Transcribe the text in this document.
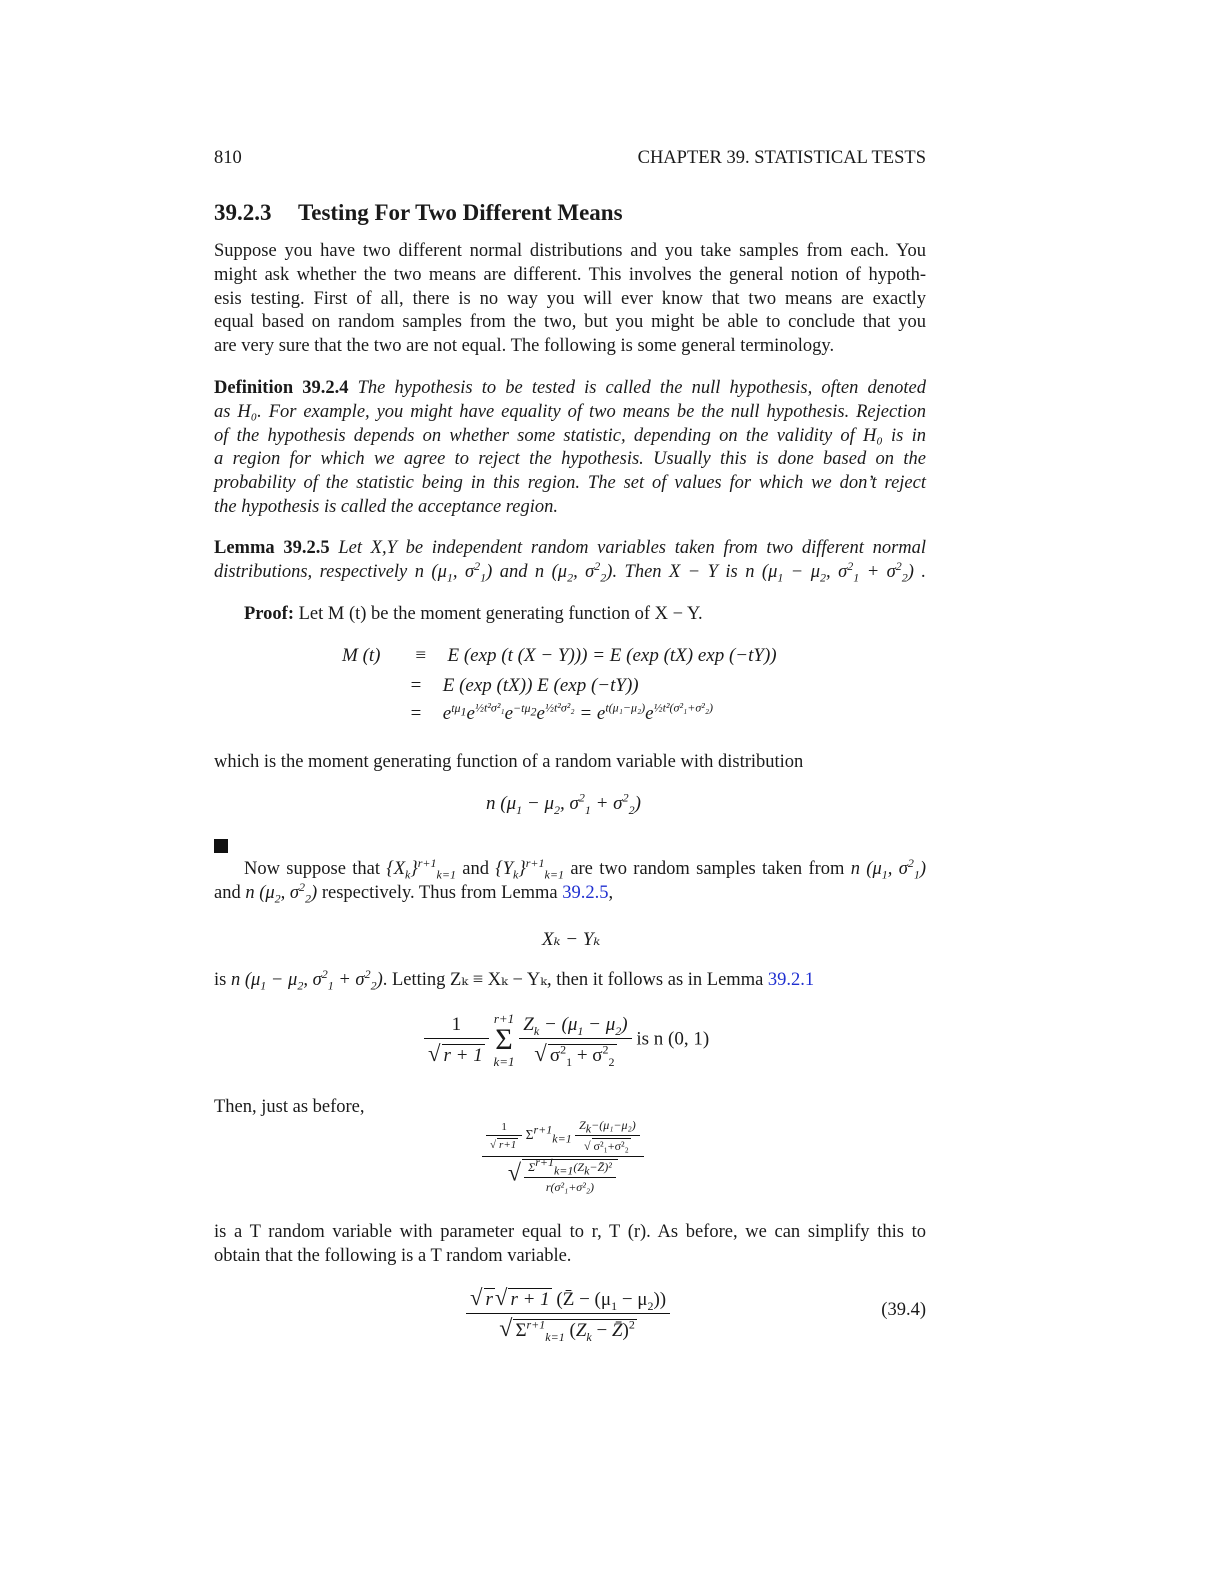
810	CHAPTER 39. STATISTICAL TESTS
39.2.3 Testing For Two Different Means
Suppose you have two different normal distributions and you take samples from each. You
might ask whether the two means are different. This involves the general notion of hypoth-
esis testing. First of all, there is no way you will ever know that two means are exactly
equal based on random samples from the two, but you might be able to conclude that you
are very sure that the two are not equal. The following is some general terminology.
Definition 39.2.4 The hypothesis to be tested is called the null hypothesis, often denoted
as H₀. For example, you might have equality of two means be the null hypothesis. Rejection
of the hypothesis depends on whether some statistic, depending on the validity of H₀ is in
a region for which we agree to reject the hypothesis. Usually this is done based on the
probability of the statistic being in this region. The set of values for which we don’t reject
the hypothesis is called the acceptance region.
Lemma 39.2.5 Let X,Y be independent random variables taken from two different normal
distributions, respectively n ($\mu_1$, $\sigma^2_1$) and n ($\mu_2$, $\sigma^2_2$). Then X − Y is n ($\mu_1 - \mu_2$, $\sigma^2_1 + \sigma^2_2$) .
Proof: Let M (t) be the moment generating function of X − Y.
M (t) ≡ E (exp (t (X − Y))) = E (exp (tX) exp (−tY))
= E (exp (tX)) E (exp (−tY))
= $e^{t\mu_1}e^{\frac{1}{2}t^2\sigma^2_1}e^{-t\mu_2}e^{\frac{1}{2}t^2\sigma^2_2} = e^{t(\mu_1-\mu_2)}e^{\frac{1}{2}t^2(\sigma^2_1+\sigma^2_2)}$
which is the moment generating function of a random variable with distribution
n ($\mu_1 - \mu_2$, $\sigma^2_1 + \sigma^2_2$)
Now suppose that $\{X_k\}^{r+1}_{k=1}$ and $\{Y_k\}^{r+1}_{k=1}$ are two random samples taken from n ($\mu_1$, $\sigma^2_1$)
and n ($\mu_2$, $\sigma^2_2$) respectively. Thus from Lemma 39.2.5,
Xₖ − Yₖ
is n ($\mu_1 - \mu_2$, $\sigma^2_1 + \sigma^2_2$). Letting Zₖ ≡ Xₖ − Yₖ, then it follows as in Lemma 39.2.1
$\frac{1}{√ r + 1}$
r+1
Σ
k=1
$\frac{Z_k - (\mu_1 - \mu_2)}{√ \sigma^2_1 + \sigma^2_2}$ is n (0, 1)
Then, just as before,
$\frac{\frac{1}{√ r+1} \Sigma^{r+1}_{k=1} \frac{Z_k-(\mu_1-\mu_2)}{\text{√ σ²₁+σ²₂}}}{√ \frac{\Sigma^{r+1}_{k=1}(Z_k-Z̄)^2}{\text{r(σ²₁+σ²₂)}}}$
is a T random variable with parameter equal to r, T (r). As before, we can simplify this to
obtain that the following is a T random variable.
$\frac{√ r√ r + 1 (Z̄ - (\mu_1 - \mu_2))}{√ \Sigma^{r+1}_{k=1} (Z_k - Z̄)^2}$	(39.4)
